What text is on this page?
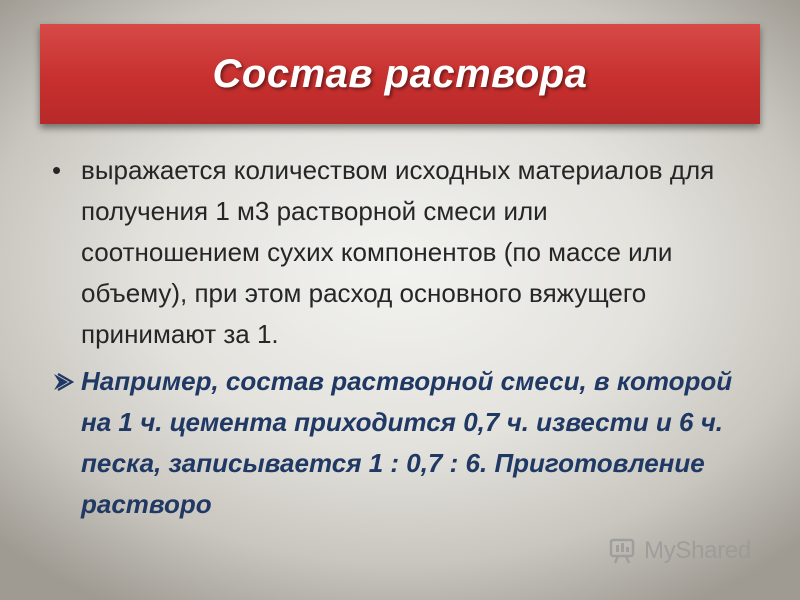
Состав раствора
• выражается количеством исходных материалов для получения 1 м3 растворной смеси или соотношением сухих компонентов (по массе или объему), при этом расход основного вяжущего принимают за 1.
Например, состав растворной смеси, в которой на 1 ч. цемента приходится 0,7 ч. извести и 6 ч. песка, записывается 1 : 0,7 : 6. Приготовление растворо
MyShared
